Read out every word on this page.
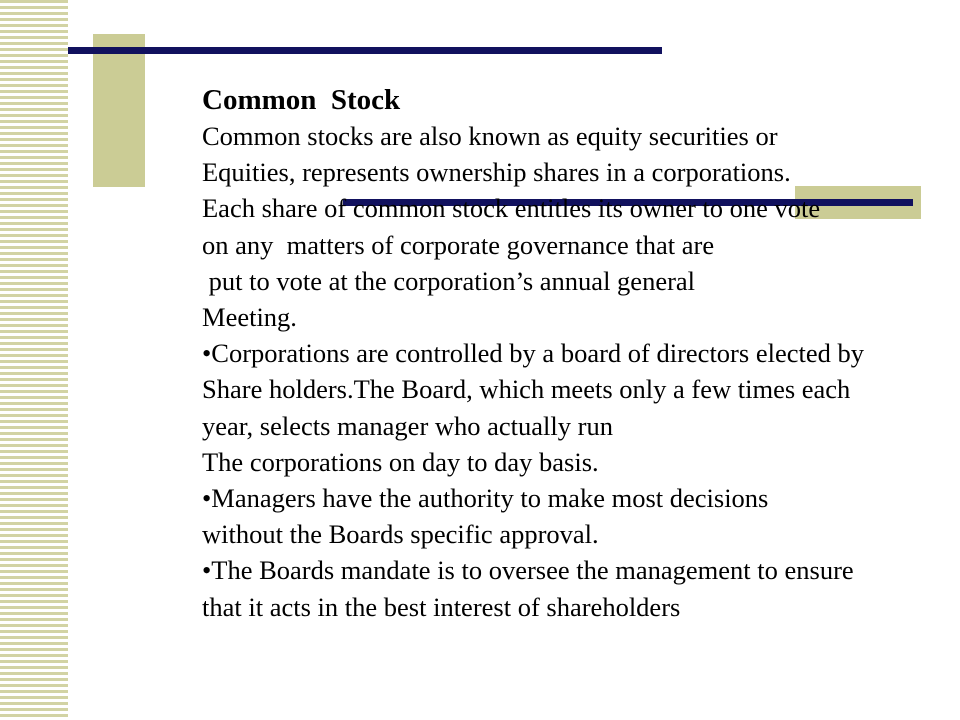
Common  Stock
Common stocks are also known as equity securities or
Equities, represents ownership shares in a corporations.
Each share of common stock entitles its owner to one vote
on any  matters of corporate governance that are
put to vote at the corporation’s annual general
Meeting.
•Corporations are controlled by a board of directors elected by
Share holders.The Board, which meets only a few times each
year, selects manager who actually run
The corporations on day to day basis.
•Managers have the authority to make most decisions
without the Boards specific approval.
•The Boards mandate is to oversee the management to ensure
that it acts in the best interest of shareholders
